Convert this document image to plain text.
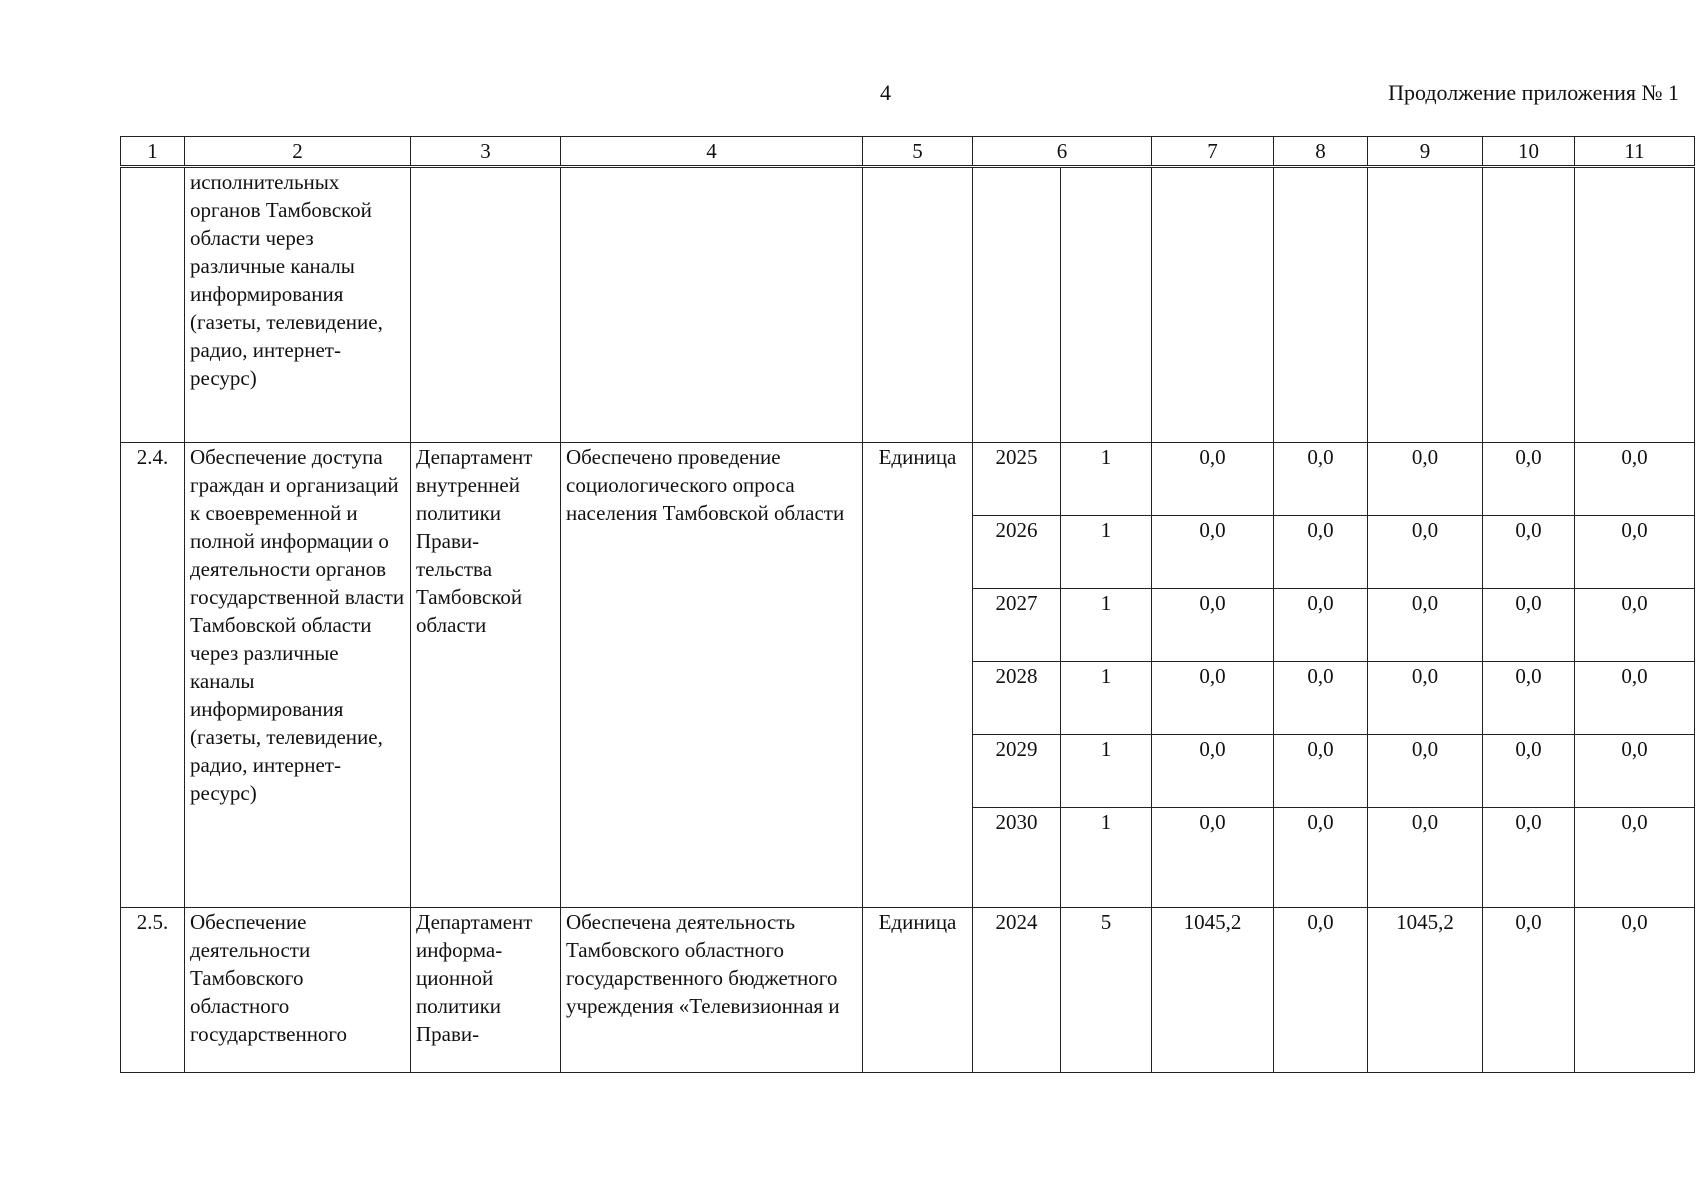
4	Продолжение приложения № 1
1	2	3	4	5	6		7	8	9	10	11
	исполнительных органов Тамбовской области через различные каналы информирования (газеты, телевидение, радио, интернет-ресурс)										
2.4.	Обеспечение доступа граждан и организаций к своевременной и полной информации о деятельности органов государственной власти Тамбовской области через различные каналы информирования (газеты, телевидение, радио, интернет-ресурс)	Департамент внутренней политики Прави-тельства Тамбовской области	Обеспечено проведение социологического опроса населения Тамбовской области	Единица	2025	1	0,0	0,0	0,0	0,0	0,0
					2026	1	0,0	0,0	0,0	0,0	0,0
					2027	1	0,0	0,0	0,0	0,0	0,0
					2028	1	0,0	0,0	0,0	0,0	0,0
					2029	1	0,0	0,0	0,0	0,0	0,0
					2030	1	0,0	0,0	0,0	0,0	0,0
2.5.	Обеспечение деятельности Тамбовского областного государственного	Департамент информа-ционной политики Прави-	Обеспечена деятельность Тамбовского областного государственного бюджетного учреждения «Телевизионная и	Единица	2024	5	1045,2	0,0	1045,2	0,0	0,0
